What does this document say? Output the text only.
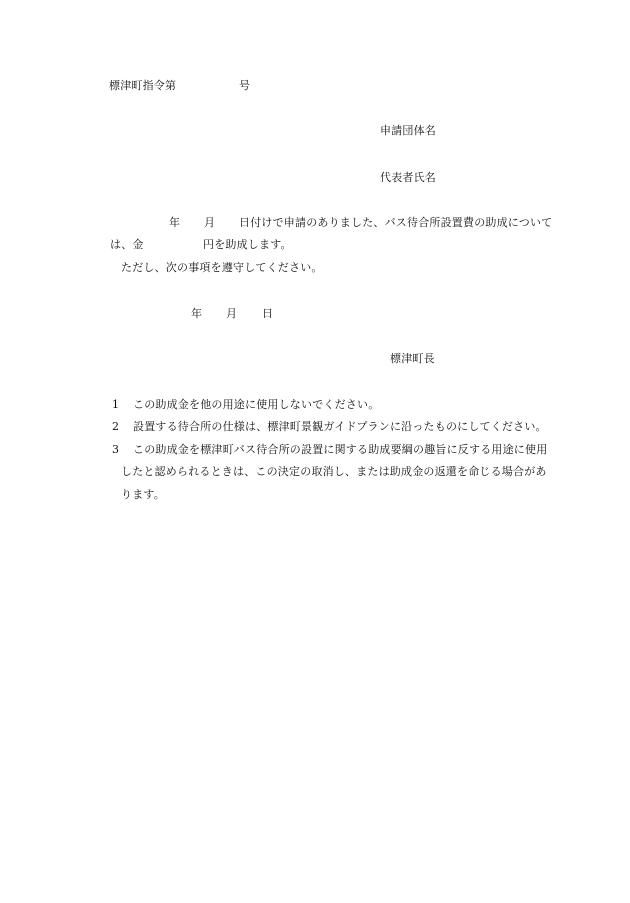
標津町指令第	号
申請団体名
代表者氏名
年 月 日付けで申請のありました、バス待合所設置費の助成について
は、金	円を助成します。
ただし、次の事項を遵守してください。
年 月 日
標津町長
1 この助成金を他の用途に使用しないでください。
2 設置する待合所の仕様は、標津町景観ガイドプランに沿ったものにしてください。
3 この助成金を標津町バス待合所の設置に関する助成要綱の趣旨に反する用途に使用
したと認められるときは、この決定の取消し、または助成金の返還を命じる場合があ
ります。
